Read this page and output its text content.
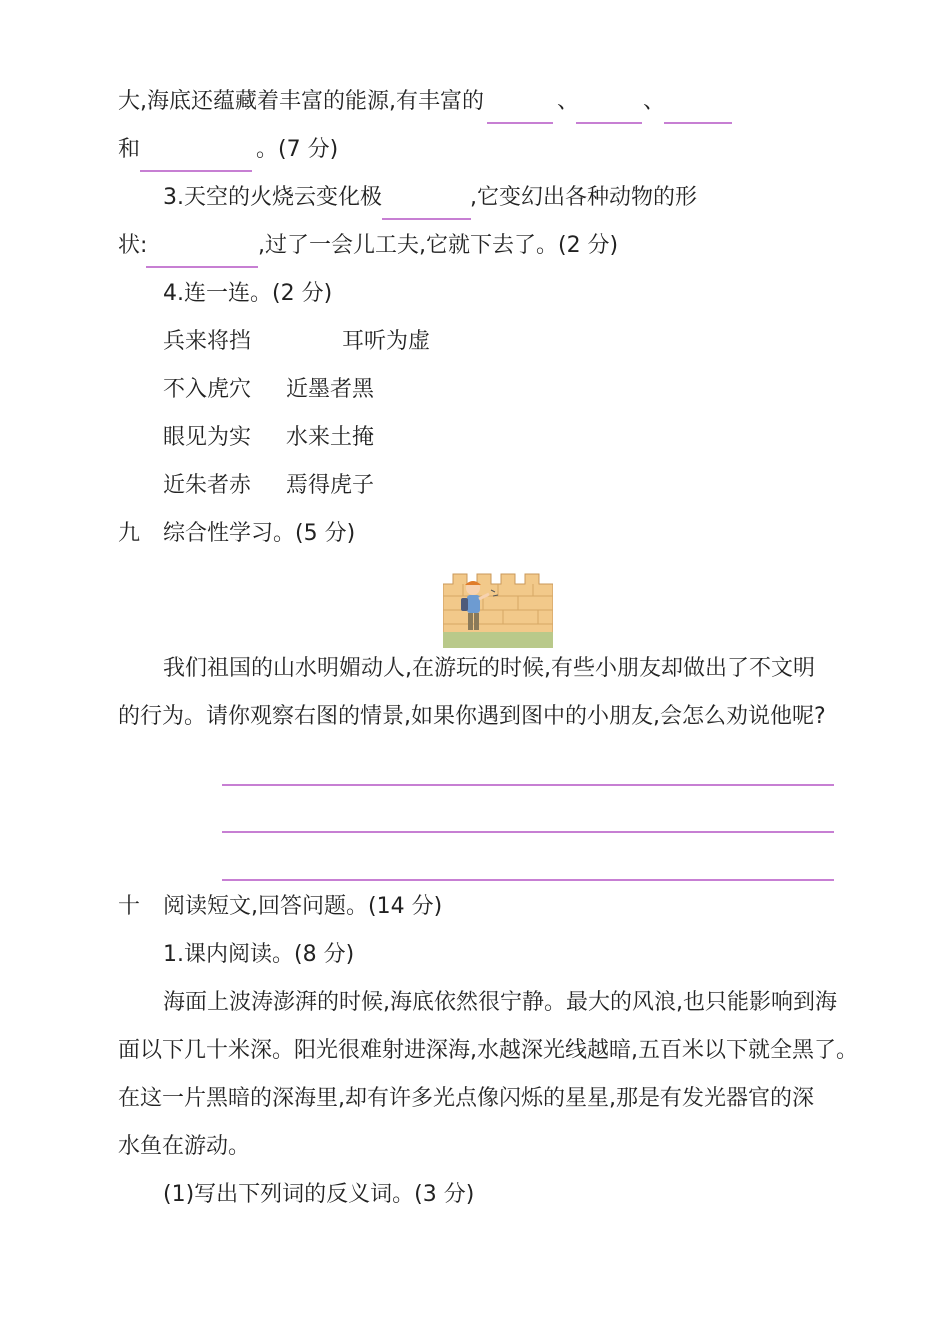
大,海底还蕴藏着丰富的能源,有丰富的	、	、
和	。(7 分)
3.天空的火烧云变化极	,它变幻出各种动物的形
状:	,过了一会儿工夫,它就下去了。(2 分)
4.连一连。(2 分)
兵来将挡	耳听为虚
不入虎穴 近墨者黑
眼见为实 水来土掩
近朱者赤 焉得虎子
九 综合性学习。(5 分)
我们祖国的山水明媚动人,在游玩的时候,有些小朋友却做出了不文明
的行为。请你观察右图的情景,如果你遇到图中的小朋友,会怎么劝说他呢?
十 阅读短文,回答问题。(14 分)
1.课内阅读。(8 分)
海面上波涛澎湃的时候,海底依然很宁静。最大的风浪,也只能影响到海
面以下几十米深。阳光很难射进深海,水越深光线越暗,五百米以下就全黑了。
在这一片黑暗的深海里,却有许多光点像闪烁的星星,那是有发光器官的深
水鱼在游动。
(1)写出下列词的反义词。(3 分)
